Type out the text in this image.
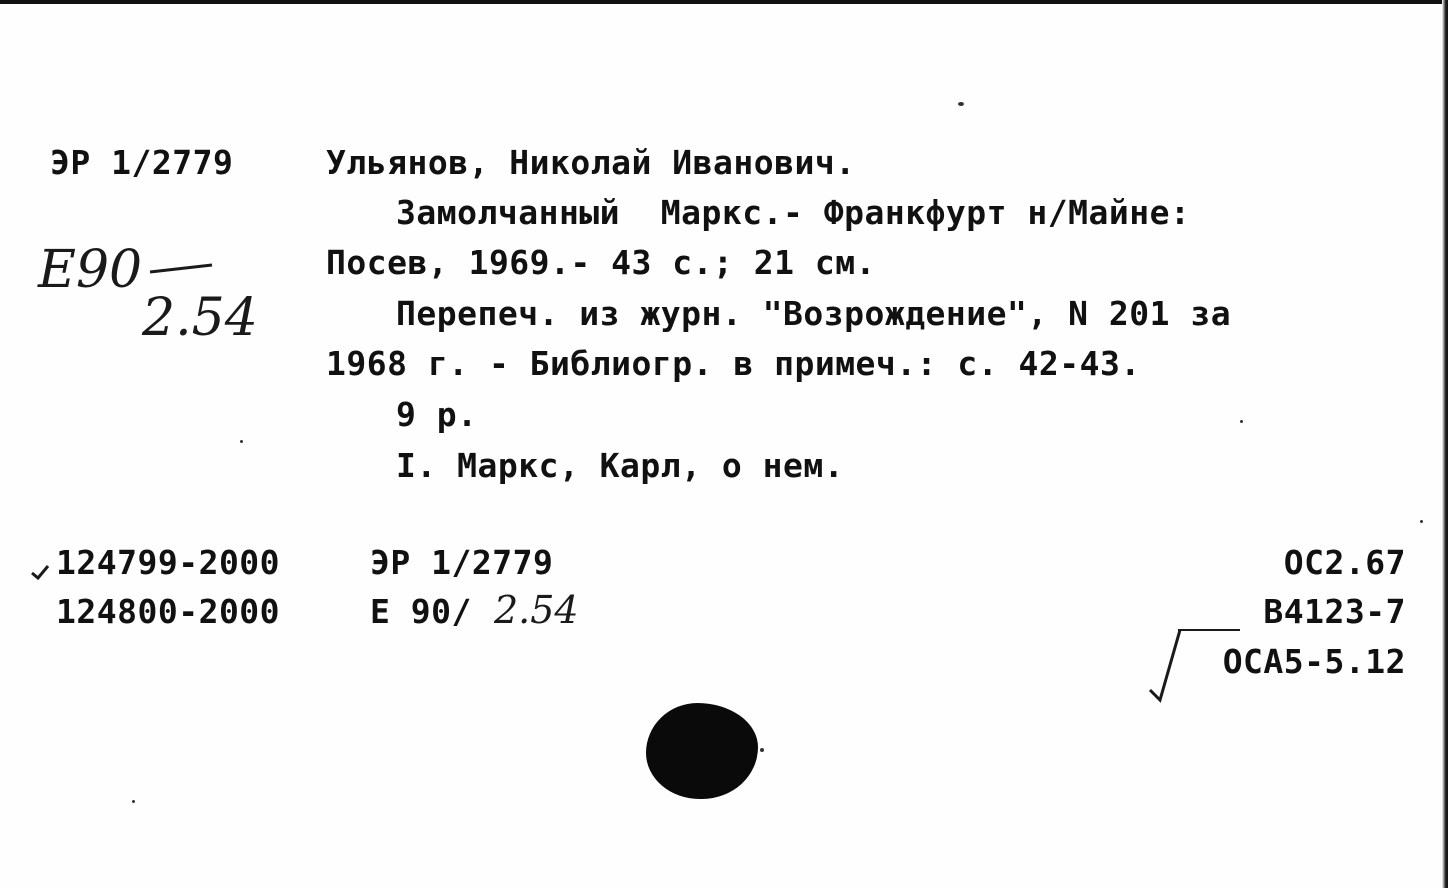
ЭР 1/2779
Е90
2.54
Ульянов, Николай Иванович.
Замолчанный  Маркс.- Франкфурт н/Майне:
Посев, 1969.- 43 с.; 21 см.
Перепеч. из журн. "Возрождение", N 201 за
1968 г. - Библиогр. в примеч.: с. 42-43.
9 р.
I. Маркс, Карл, о нем.
124799-2000	ЭР 1/2779
124800-2000	Е 90/ 2.54
ОС2.67
В4123-7
ОСА5-5.12
